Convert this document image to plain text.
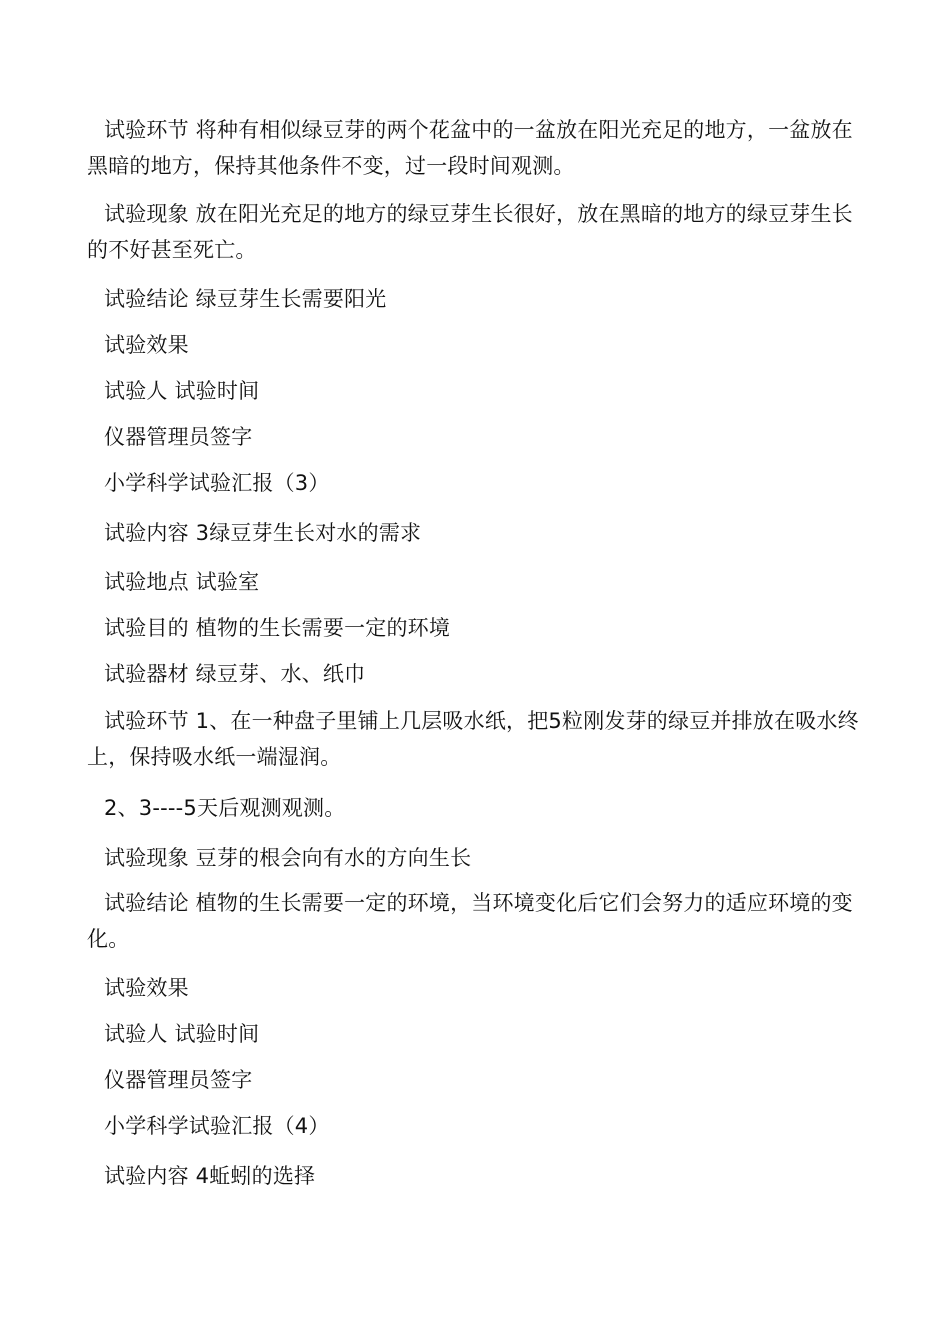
试验环节 将种有相似绿豆芽的两个花盆中的一盆放在阳光充足的地方，一盆放在黑暗的地方，保持其他条件不变，过一段时间观测。

试验现象 放在阳光充足的地方的绿豆芽生长很好，放在黑暗的地方的绿豆芽生长的不好甚至死亡。

试验结论 绿豆芽生长需要阳光

试验效果

试验人 试验时间

仪器管理员签字

小学科学试验汇报（3）

试验内容 3绿豆芽生长对水的需求

试验地点 试验室

试验目的 植物的生长需要一定的环境

试验器材 绿豆芽、水、纸巾

试验环节 1、在一种盘子里铺上几层吸水纸，把5粒刚发芽的绿豆并排放在吸水终上，保持吸水纸一端湿润。

2、3----5天后观测观测。

试验现象 豆芽的根会向有水的方向生长

试验结论 植物的生长需要一定的环境，当环境变化后它们会努力的适应环境的变化。

试验效果

试验人 试验时间

仪器管理员签字

小学科学试验汇报（4）

试验内容 4蚯蚓的选择
